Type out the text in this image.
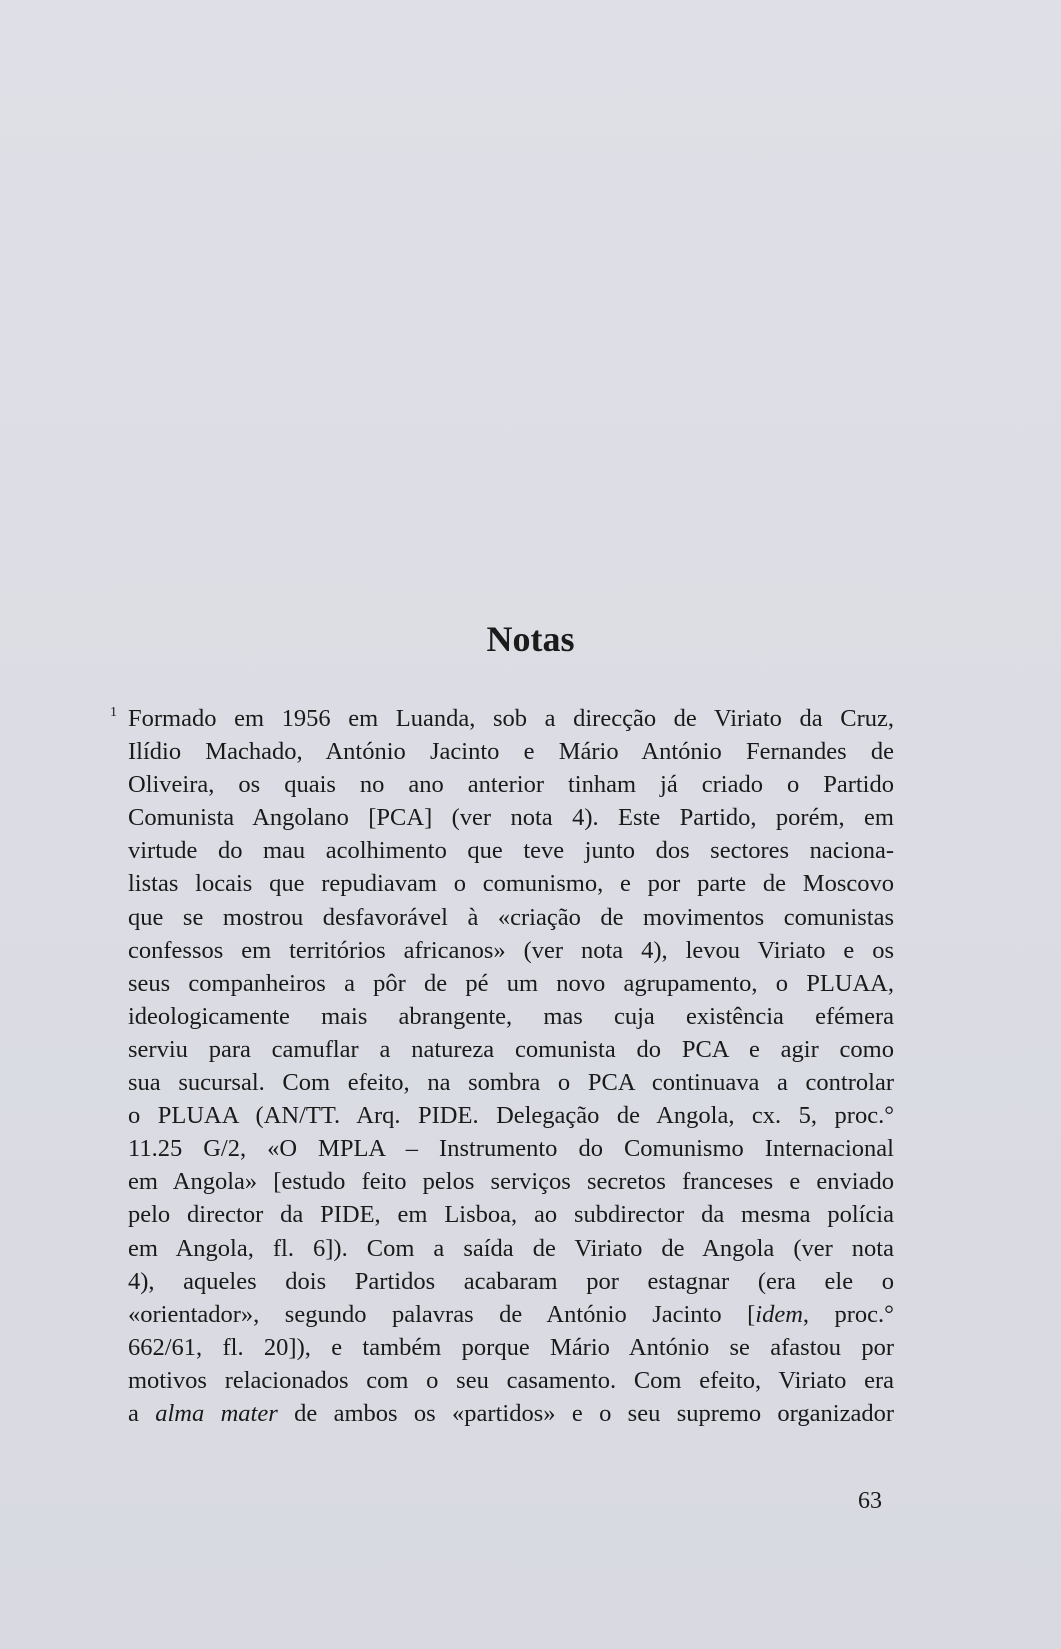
Notas
1 Formado em 1956 em Luanda, sob a direcção de Viriato da Cruz,
Ilídio Machado, António Jacinto e Mário António Fernandes de
Oliveira, os quais no ano anterior tinham já criado o Partido
Comunista Angolano [PCA] (ver nota 4). Este Partido, porém, em
virtude do mau acolhimento que teve junto dos sectores naciona-
listas locais que repudiavam o comunismo, e por parte de Moscovo
que se mostrou desfavorável à «criação de movimentos comunistas
confessos em territórios africanos» (ver nota 4), levou Viriato e os
seus companheiros a pôr de pé um novo agrupamento, o PLUAA,
ideologicamente mais abrangente, mas cuja existência efémera
serviu para camuflar a natureza comunista do PCA e agir como
sua sucursal. Com efeito, na sombra o PCA continuava a controlar
o PLUAA (AN/TT. Arq. PIDE. Delegação de Angola, cx. 5, proc.°
11.25 G/2, «O MPLA – Instrumento do Comunismo Internacional
em Angola» [estudo feito pelos serviços secretos franceses e enviado
pelo director da PIDE, em Lisboa, ao subdirector da mesma polícia
em Angola, fl. 6]). Com a saída de Viriato de Angola (ver nota
4), aqueles dois Partidos acabaram por estagnar (era ele o
«orientador», segundo palavras de António Jacinto [idem, proc.°
662/61, fl. 20]), e também porque Mário António se afastou por
motivos relacionados com o seu casamento. Com efeito, Viriato era
a alma mater de ambos os «partidos» e o seu supremo organizador
63
